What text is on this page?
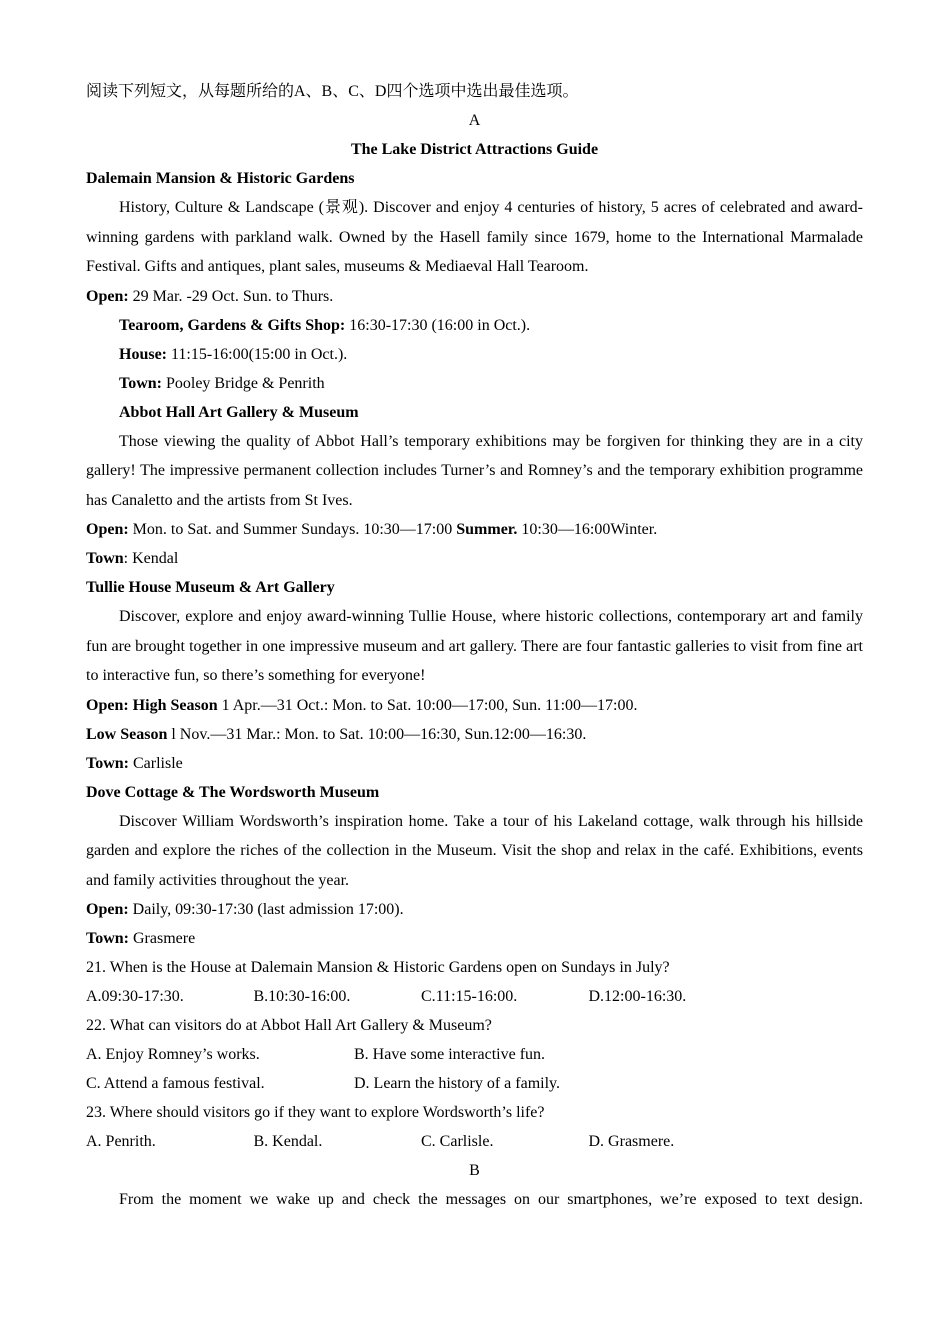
阅读下列短文，从每题所给的A、B、C、D四个选项中选出最佳选项。
A
The Lake District Attractions Guide
Dalemain Mansion & Historic Gardens
History, Culture & Landscape (景观). Discover and enjoy 4 centuries of history, 5 acres of celebrated and award-winning gardens with parkland walk. Owned by the Hasell family since 1679, home to the International Marmalade Festival. Gifts and antiques, plant sales, museums & Mediaeval Hall Tearoom.
Open: 29 Mar. -29 Oct. Sun. to Thurs.
Tearoom, Gardens & Gifts Shop: 16:30-17:30 (16:00 in Oct.).
House: 11:15-16:00(15:00 in Oct.).
Town: Pooley Bridge & Penrith
Abbot Hall Art Gallery & Museum
Those viewing the quality of Abbot Hall’s temporary exhibitions may be forgiven for thinking they are in a city gallery! The impressive permanent collection includes Turner’s and Romney’s and the temporary exhibition programme has Canaletto and the artists from St Ives.
Open: Mon. to Sat. and Summer Sundays. 10:30—17:00 Summer. 10:30—16:00Winter.
Town: Kendal
Tullie House Museum & Art Gallery
Discover, explore and enjoy award-winning Tullie House, where historic collections, contemporary art and family fun are brought together in one impressive museum and art gallery. There are four fantastic galleries to visit from fine art to interactive fun, so there’s something for everyone!
Open: High Season 1 Apr.—31 Oct.: Mon. to Sat. 10:00—17:00, Sun. 11:00—17:00.
Low Season l Nov.—31 Mar.: Mon. to Sat. 10:00—16:30, Sun.12:00—16:30.
Town: Carlisle
Dove Cottage & The Wordsworth Museum
Discover William Wordsworth’s inspiration home. Take a tour of his Lakeland cottage, walk through his hillside garden and explore the riches of the collection in the Museum. Visit the shop and relax in the café. Exhibitions, events and family activities throughout the year.
Open: Daily, 09:30-17:30 (last admission 17:00).
Town: Grasmere
21. When is the House at Dalemain Mansion & Historic Gardens open on Sundays in July?
A.09:30-17:30.	B.10:30-16:00.	C.11:15-16:00.	D.12:00-16:30.
22. What can visitors do at Abbot Hall Art Gallery & Museum?
A. Enjoy Romney’s works.	B. Have some interactive fun.
C. Attend a famous festival.	D. Learn the history of a family.
23. Where should visitors go if they want to explore Wordsworth’s life?
A. Penrith.	B. Kendal.	C. Carlisle.	D. Grasmere.
B
From the moment we wake up and check the messages on our smartphones, we’re exposed to text design.
